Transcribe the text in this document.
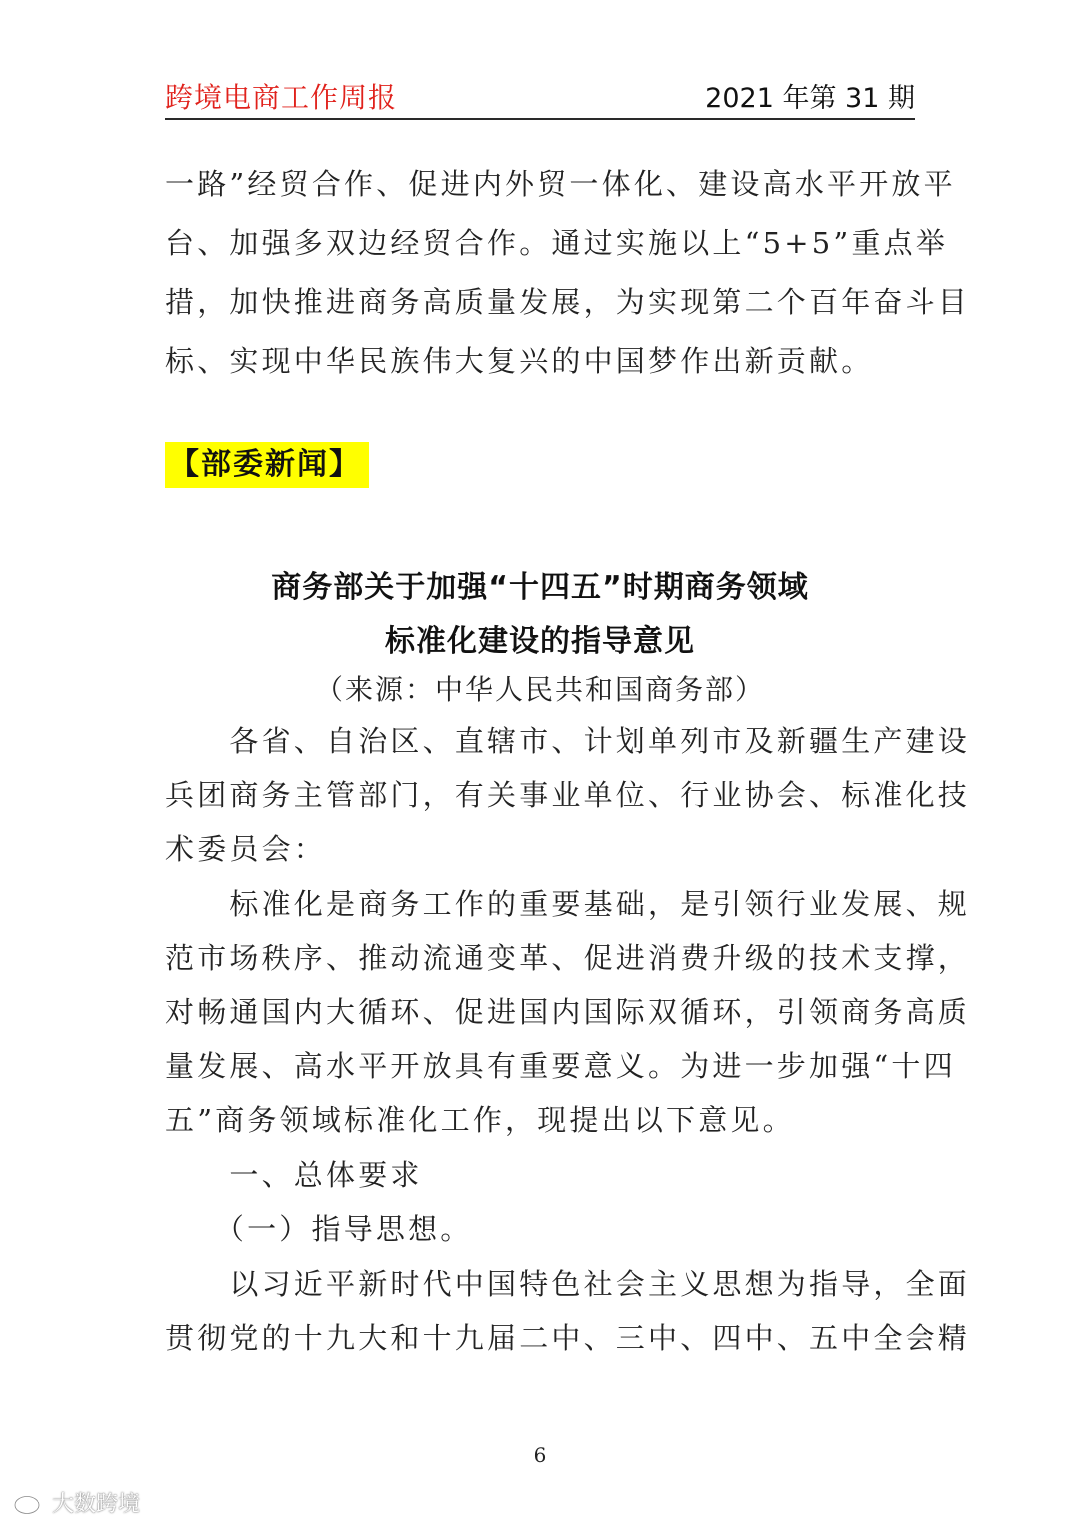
跨境电商工作周报	2021 年第 31 期
一路”经贸合作、促进内外贸一体化、建设高水平开放平
台、加强多双边经贸合作。通过实施以上“5+5”重点举
措，加快推进商务高质量发展，为实现第二个百年奋斗目
标、实现中华民族伟大复兴的中国梦作出新贡献。
【部委新闻】
商务部关于加强“十四五”时期商务领域
标准化建设的指导意见
（来源：中华人民共和国商务部）
　　各省、自治区、直辖市、计划单列市及新疆生产建设
兵团商务主管部门，有关事业单位、行业协会、标准化技
术委员会：
　　标准化是商务工作的重要基础，是引领行业发展、规
范市场秩序、推动流通变革、促进消费升级的技术支撑，
对畅通国内大循环、促进国内国际双循环，引领商务高质
量发展、高水平开放具有重要意义。为进一步加强“十四
五”商务领域标准化工作，现提出以下意见。
　　一、总体要求
　　（一）指导思想。
　　以习近平新时代中国特色社会主义思想为指导，全面
贯彻党的十九大和十九届二中、三中、四中、五中全会精
6
大数跨境
